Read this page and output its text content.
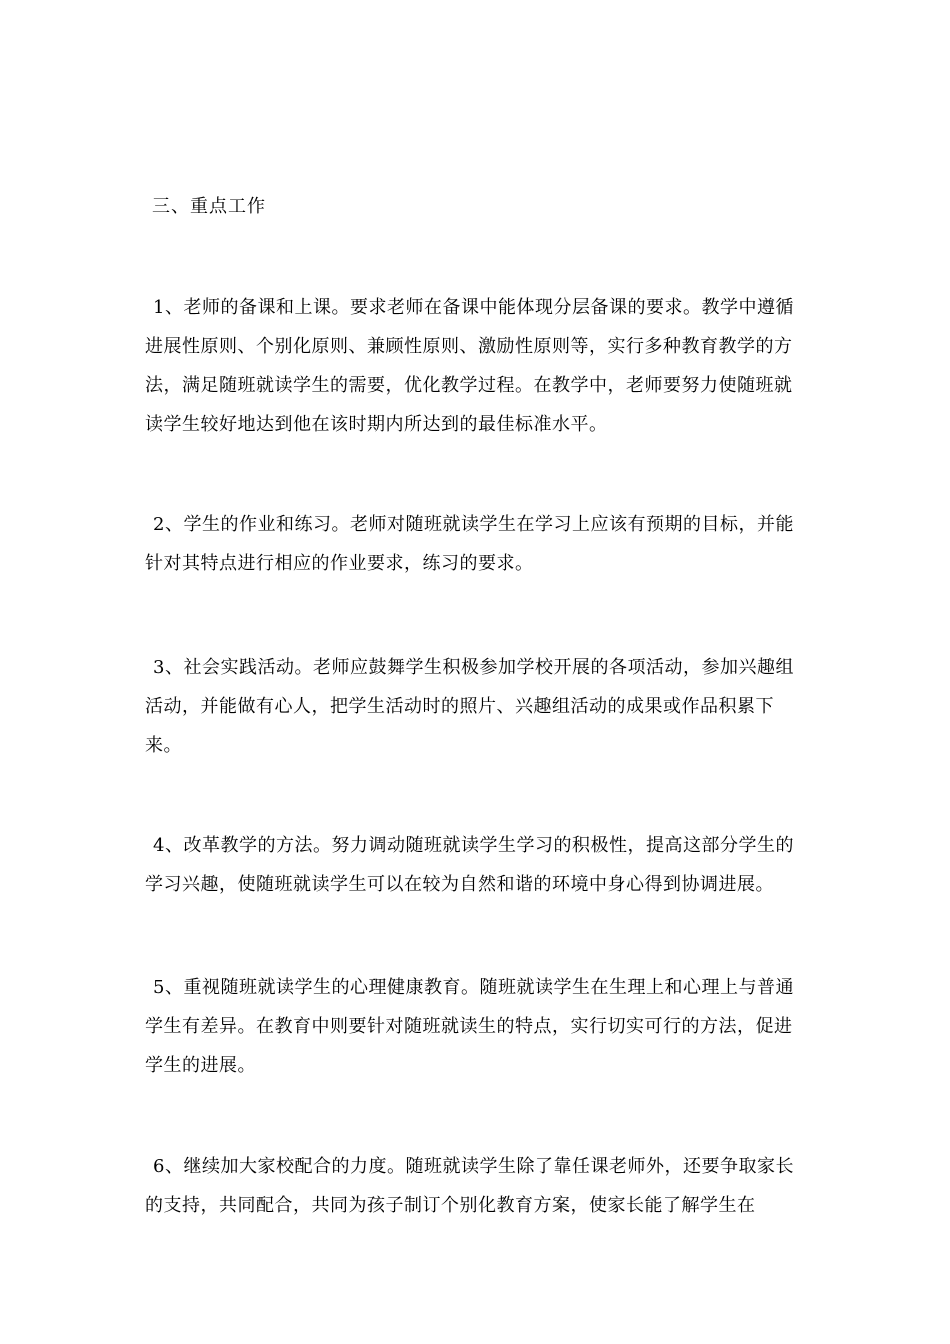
三、重点工作

1、老师的备课和上课。要求老师在备课中能体现分层备课的要求。教学中遵循进展性原则、个别化原则、兼顾性原则、激励性原则等，实行多种教育教学的方法，满足随班就读学生的需要，优化教学过程。在教学中，老师要努力使随班就读学生较好地达到他在该时期内所达到的最佳标准水平。

2、学生的作业和练习。老师对随班就读学生在学习上应该有预期的目标，并能针对其特点进行相应的作业要求，练习的要求。

3、社会实践活动。老师应鼓舞学生积极参加学校开展的各项活动，参加兴趣组活动，并能做有心人，把学生活动时的照片、兴趣组活动的成果或作品积累下来。

4、改革教学的方法。努力调动随班就读学生学习的积极性，提高这部分学生的学习兴趣，使随班就读学生可以在较为自然和谐的环境中身心得到协调进展。

5、重视随班就读学生的心理健康教育。随班就读学生在生理上和心理上与普通学生有差异。在教育中则要针对随班就读生的特点，实行切实可行的方法，促进学生的进展。

6、继续加大家校配合的力度。随班就读学生除了靠任课老师外，还要争取家长的支持，共同配合，共同为孩子制订个别化教育方案，使家长能了解学生在
